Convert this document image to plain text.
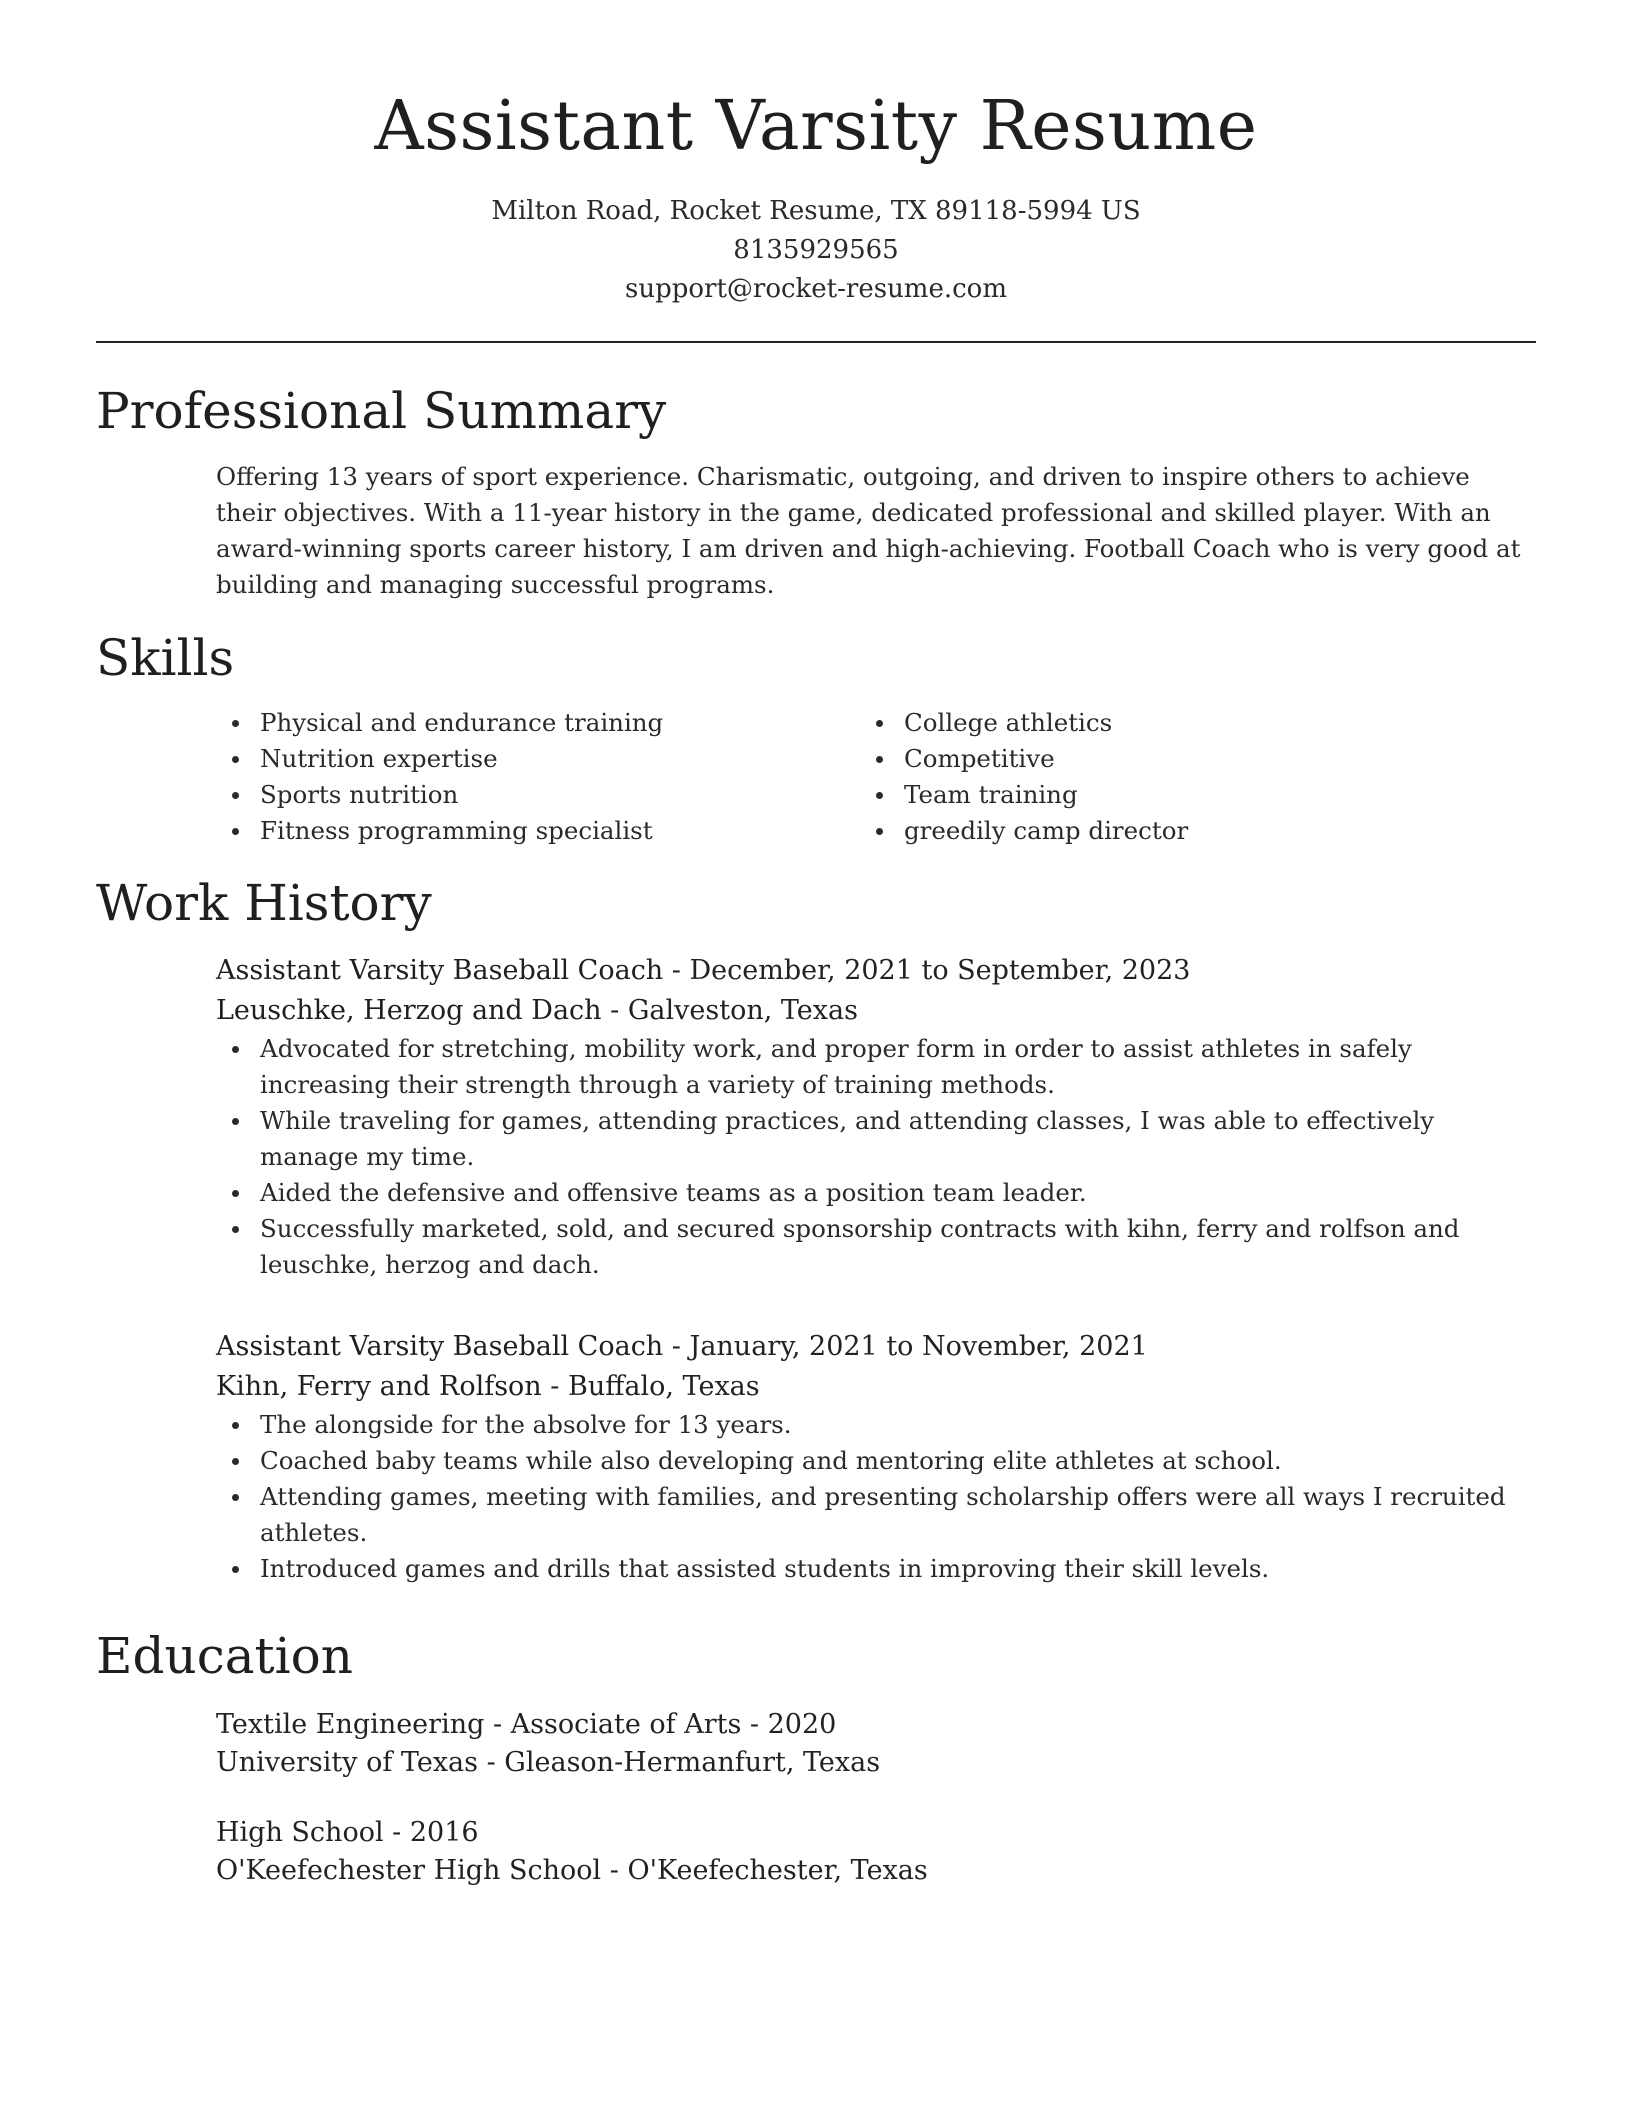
Assistant Varsity Resume
Milton Road, Rocket Resume, TX 89118-5994 US
8135929565
support@rocket-resume.com
Professional Summary
Offering 13 years of sport experience. Charismatic, outgoing, and driven to inspire others to achieve their objectives. With a 11-year history in the game, dedicated professional and skilled player. With an award-winning sports career history, I am driven and high-achieving. Football Coach who is very good at building and managing successful programs.
Skills
Physical and endurance training
Nutrition expertise
Sports nutrition
Fitness programming specialist
College athletics
Competitive
Team training
greedily camp director
Work History
Assistant Varsity Baseball Coach - December, 2021 to September, 2023
Leuschke, Herzog and Dach - Galveston, Texas
Advocated for stretching, mobility work, and proper form in order to assist athletes in safely increasing their strength through a variety of training methods.
While traveling for games, attending practices, and attending classes, I was able to effectively manage my time.
Aided the defensive and offensive teams as a position team leader.
Successfully marketed, sold, and secured sponsorship contracts with kihn, ferry and rolfson and leuschke, herzog and dach.
Assistant Varsity Baseball Coach - January, 2021 to November, 2021
Kihn, Ferry and Rolfson - Buffalo, Texas
The alongside for the absolve for 13 years.
Coached baby teams while also developing and mentoring elite athletes at school.
Attending games, meeting with families, and presenting scholarship offers were all ways I recruited athletes.
Introduced games and drills that assisted students in improving their skill levels.
Education
Textile Engineering - Associate of Arts - 2020
University of Texas - Gleason-Hermanfurt, Texas
High School - 2016
O'Keefechester High School - O'Keefechester, Texas
